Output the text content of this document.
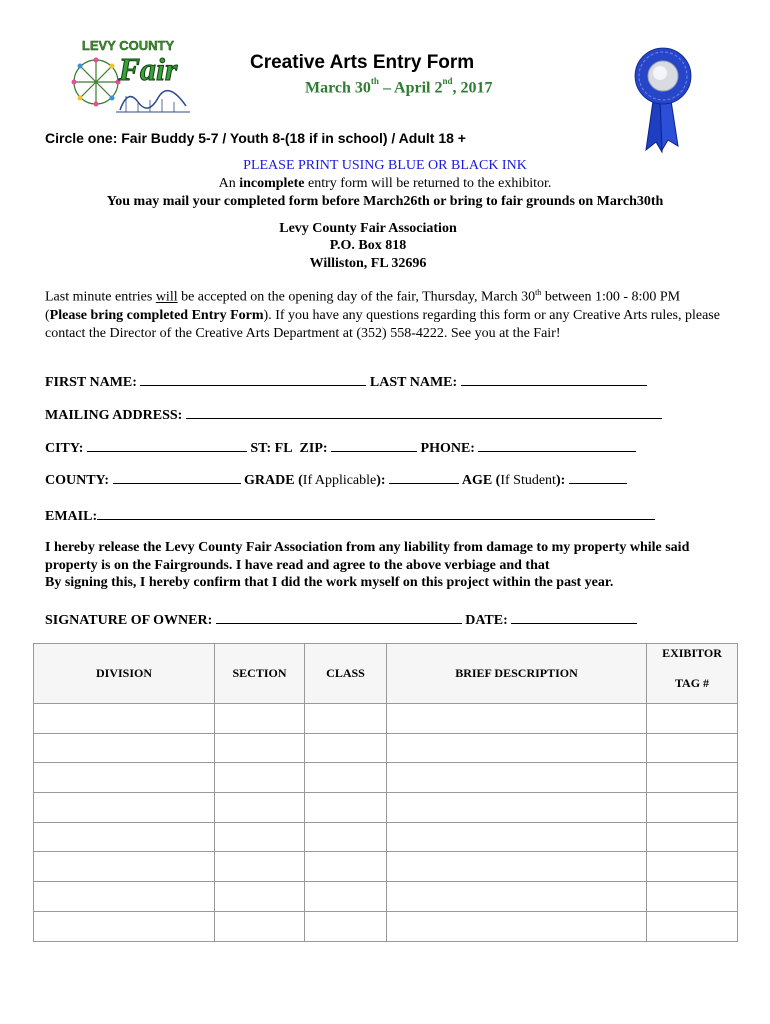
LEVY COUNTY
Fair	Creative Arts Entry Form
March 30th – April 2nd, 2017
Circle one: Fair Buddy 5-7 / Youth 8-(18 if in school) / Adult 18 +
PLEASE PRINT USING BLUE OR BLACK INK
An incomplete entry form will be returned to the exhibitor.
You may mail your completed form before March26th or bring to fair grounds on March30th
Levy County Fair Association
P.O. Box 818
Williston, FL 32696
Last minute entries will be accepted on the opening day of the fair, Thursday, March 30th between 1:00 - 8:00 PM (Please bring completed Entry Form). If you have any questions regarding this form or any Creative Arts rules, please contact the Director of the Creative Arts Department at (352) 558-4222. See you at the Fair!
FIRST NAME:	LAST NAME:
MAILING ADDRESS:
CITY:	ST: FL ZIP:	PHONE:
COUNTY:	GRADE (If Applicable):	AGE (If Student):
EMAIL:
I hereby release the Levy County Fair Association from any liability from damage to my property while said property is on the Fairgrounds. I have read and agree to the above verbiage and that
By signing this, I hereby confirm that I did the work myself on this project within the past year.
SIGNATURE OF OWNER:	DATE:
DIVISION	SECTION	CLASS	BRIEF DESCRIPTION	EXIBITOR
TAG #
